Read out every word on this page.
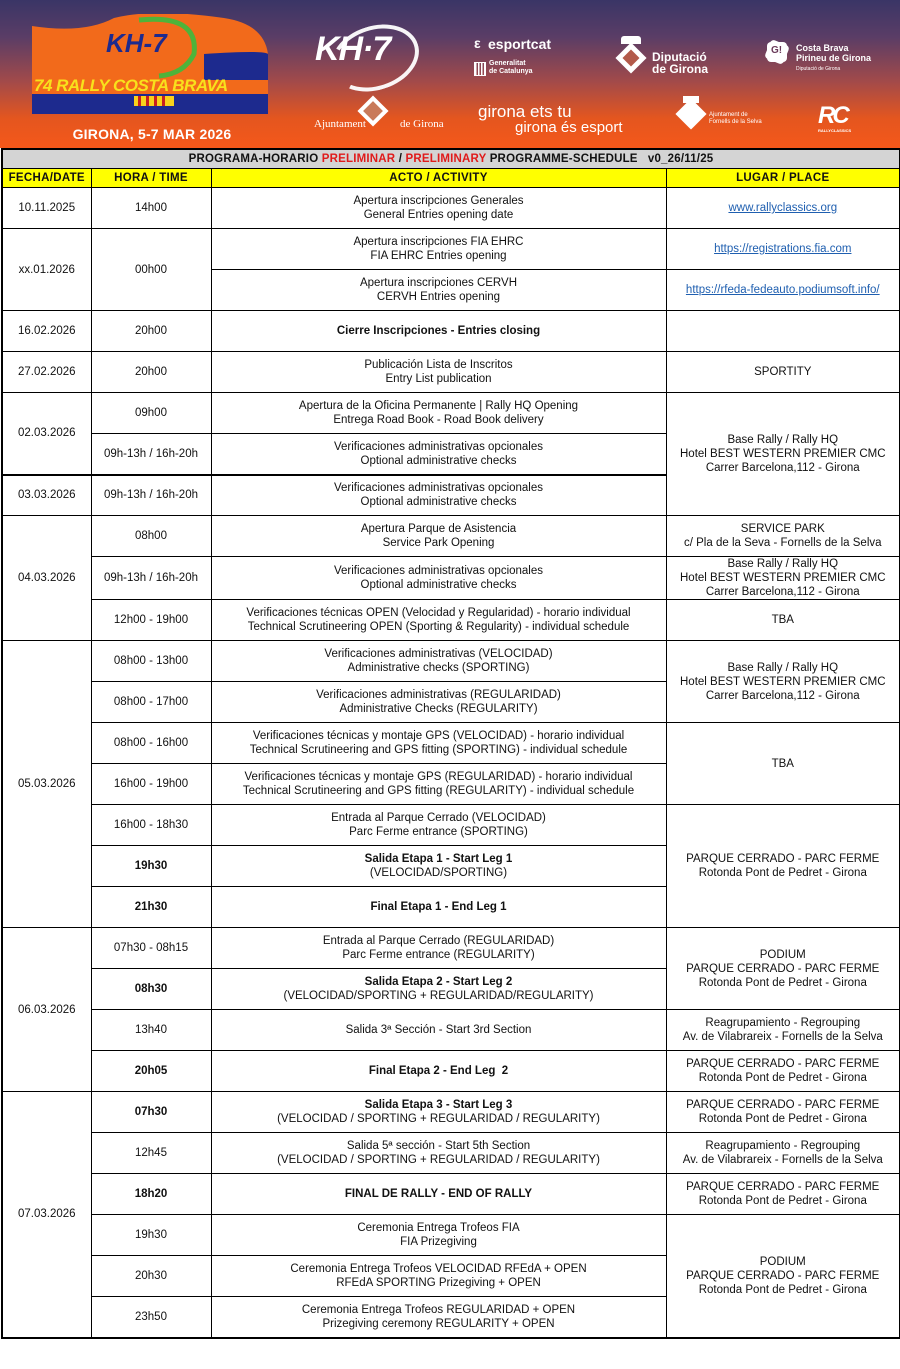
KH-7
74 RALLY COSTA BRAVA
GIRONA, 5-7 MAR 2026
KH·7
Ajuntament	de Girona
ε esportcat
Generalitat
de Catalunya
Diputació
de Girona
G! Costa Brava
Pirineu de Girona
Diputació de Girona
girona ets tu
girona és esport
Ajuntament de
Fornells de la Selva RC
RALLYCLASSICS
PROGRAMA-HORARIO PRELIMINAR / PRELIMINARY PROGRAMME-SCHEDULE   v0_26/11/25			
FECHA/DATE	HORA / TIME	ACTO / ACTIVITY	LUGAR / PLACE
10.11.2025	14h00	Apertura inscripciones Generales
General Entries opening date	www.rallyclassics.org
xx.01.2026	00h00	Apertura inscripciones FIA EHRC
FIA EHRC Entries opening	https://registrations.fia.com
		Apertura inscripciones CERVH
CERVH Entries opening	https://rfeda-fedeauto.podiumsoft.info/
16.02.2026	20h00	Cierre Inscripciones - Entries closing	
27.02.2026	20h00	Publicación Lista de Inscritos
Entry List publication	SPORTITY
02.03.2026	09h00	Apertura de la Oficina Permanente | Rally HQ Opening
Entrega Road Book - Road Book delivery	Base Rally / Rally HQ
Hotel BEST WESTERN PREMIER CMC
Carrer Barcelona,112 - Girona
	09h-13h / 16h-20h	Verificaciones administrativas opcionales
Optional administrative checks	
03.03.2026	09h-13h / 16h-20h	Verificaciones administrativas opcionales
Optional administrative checks	
04.03.2026	08h00	Apertura Parque de Asistencia
Service Park Opening	SERVICE PARK
c/ Pla de la Seva - Fornells de la Selva
	09h-13h / 16h-20h	Verificaciones administrativas opcionales
Optional administrative checks	Base Rally / Rally HQ
Hotel BEST WESTERN PREMIER CMC
Carrer Barcelona,112 - Girona
	12h00 - 19h00	Verificaciones técnicas OPEN (Velocidad y Regularidad) - horario individual
Technical Scrutineering OPEN (Sporting & Regularity) - individual schedule	TBA
05.03.2026	08h00 - 13h00	Verificaciones administrativas (VELOCIDAD)
Administrative checks (SPORTING)	Base Rally / Rally HQ
Hotel BEST WESTERN PREMIER CMC
Carrer Barcelona,112 - Girona
	08h00 - 17h00	Verificaciones administrativas (REGULARIDAD)
Administrative Checks (REGULARITY)	
	08h00 - 16h00	Verificaciones técnicas y montaje GPS (VELOCIDAD) - horario individual
Technical Scrutineering and GPS fitting (SPORTING) - individual schedule	TBA
	16h00 - 19h00	Verificaciones técnicas y montaje GPS (REGULARIDAD) - horario individual
Technical Scrutineering and GPS fitting (REGULARITY) - individual schedule	
	16h00 - 18h30	Entrada al Parque Cerrado (VELOCIDAD)
Parc Ferme entrance (SPORTING)	PARQUE CERRADO - PARC FERME
Rotonda Pont de Pedret - Girona
	19h30	Salida Etapa 1 - Start Leg 1
(VELOCIDAD/SPORTING)	
	21h30	Final Etapa 1 - End Leg 1	
06.03.2026	07h30 - 08h15	Entrada al Parque Cerrado (REGULARIDAD)
Parc Ferme entrance (REGULARITY)	PODIUM
PARQUE CERRADO - PARC FERME
Rotonda Pont de Pedret - Girona
	08h30	Salida Etapa 2 - Start Leg 2
(VELOCIDAD/SPORTING + REGULARIDAD/REGULARITY)	
	13h40	Salida 3ª Sección - Start 3rd Section	Reagrupamiento - Regrouping
Av. de Vilabrareix - Fornells de la Selva
	20h05	Final Etapa 2 - End Leg  2	PARQUE CERRADO - PARC FERME
Rotonda Pont de Pedret - Girona
07.03.2026	07h30	Salida Etapa 3 - Start Leg 3
(VELOCIDAD / SPORTING + REGULARIDAD / REGULARITY)	PARQUE CERRADO - PARC FERME
Rotonda Pont de Pedret - Girona
	12h45	Salida 5ª sección - Start 5th Section
(VELOCIDAD / SPORTING + REGULARIDAD / REGULARITY)	Reagrupamiento - Regrouping
Av. de Vilabrareix - Fornells de la Selva
	18h20	FINAL DE RALLY - END OF RALLY	PARQUE CERRADO - PARC FERME
Rotonda Pont de Pedret - Girona
	19h30	Ceremonia Entrega Trofeos FIA
FIA Prizegiving	PODIUM
PARQUE CERRADO - PARC FERME
Rotonda Pont de Pedret - Girona
	20h30	Ceremonia Entrega Trofeos VELOCIDAD RFEdA + OPEN
RFEdA SPORTING Prizegiving + OPEN	
	23h50	Ceremonia Entrega Trofeos REGULARIDAD + OPEN
Prizegiving ceremony REGULARITY + OPEN	
